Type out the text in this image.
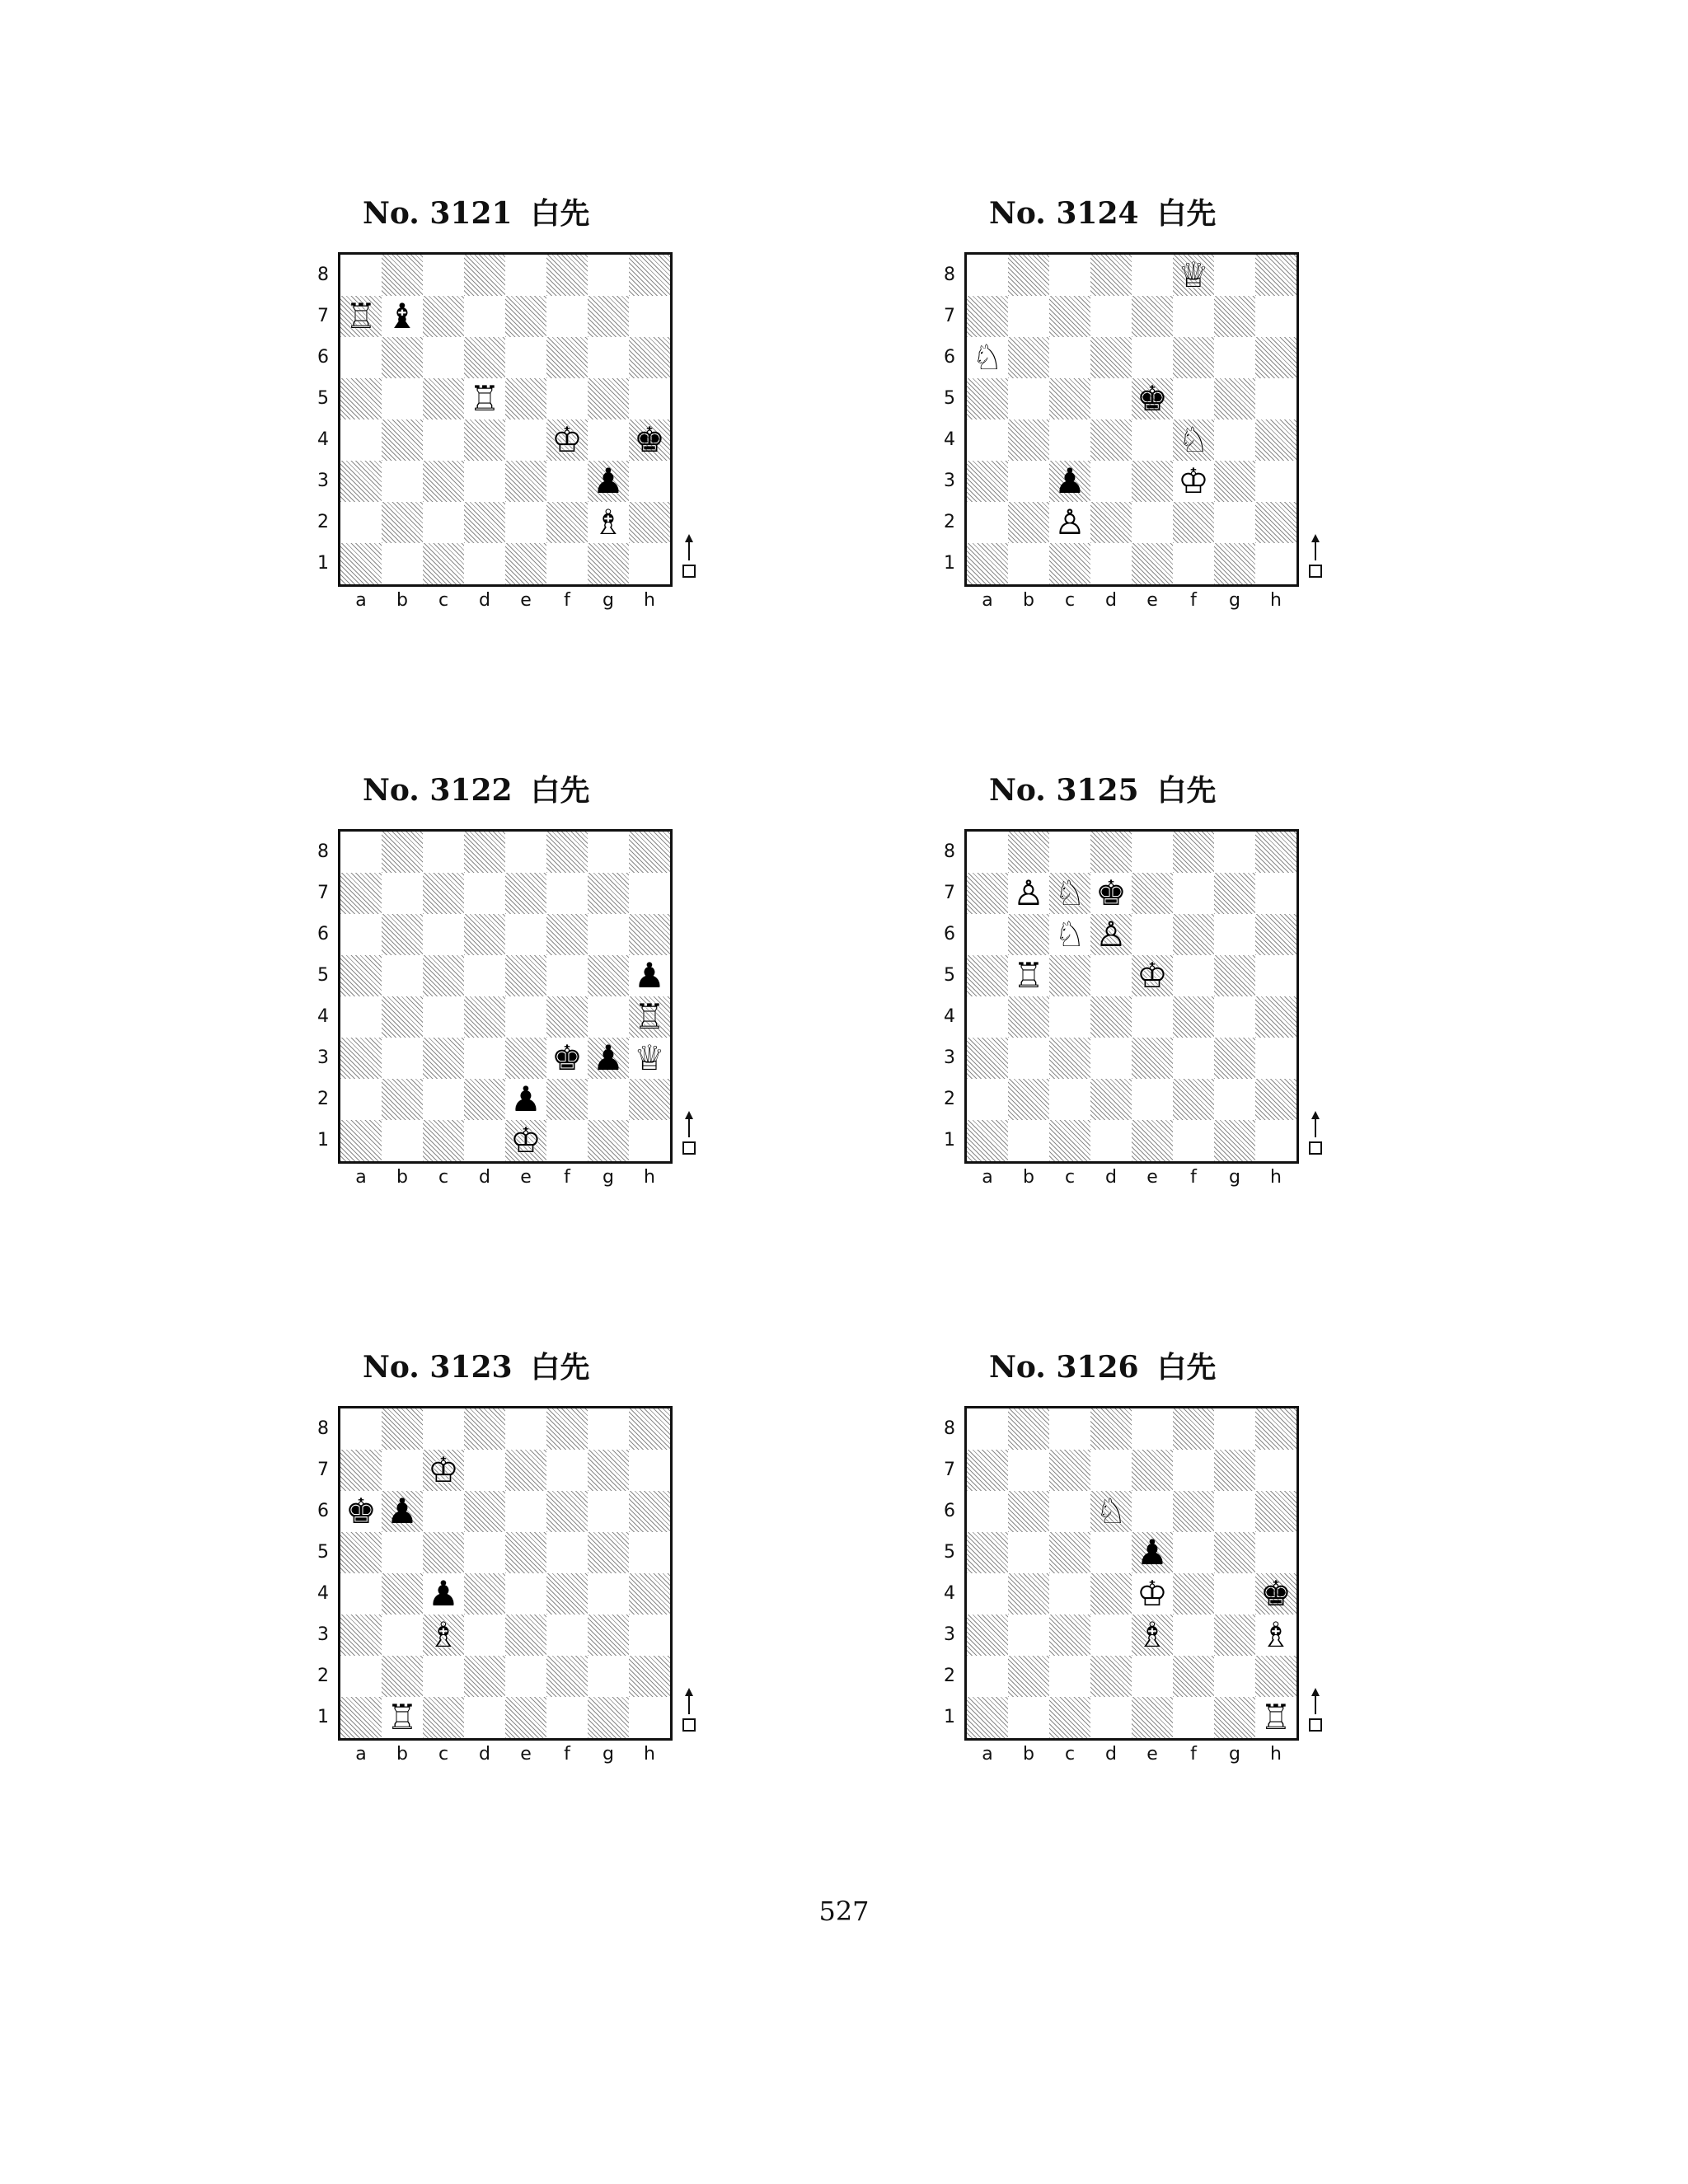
No. 3121 白先
8
7
6
5
4
3
2
1
♖ ♝
♖
♔ ♚
♟
♗
a	b	c	d	e	f	g	h
No. 3122 白先
8
7
6
5
4
3
2
1
♟
♖
♚ ♟ ♕
♟
♔
a	b	c	d	e	f	g	h
No. 3123 白先
8
7
6
5
4
3
2
1
♔
♚ ♟
♟
♗
♖
a	b	c	d	e	f	g	h
No. 3124 白先
8
7
6
5
4
3
2
1
♕
♘
♚
♘
♟	♔
♙
a	b	c	d	e	f	g	h
No. 3125 白先
8
7
6
5
4
3
2
1
♙ ♘ ♚
♘ ♙
♖	♔
a	b	c	d	e	f	g	h
No. 3126 白先
8
7
6
5
4
3
2
1
♘
♟
♔	♚
♗	♗
♖
a	b	c	d	e	f	g	h
527
